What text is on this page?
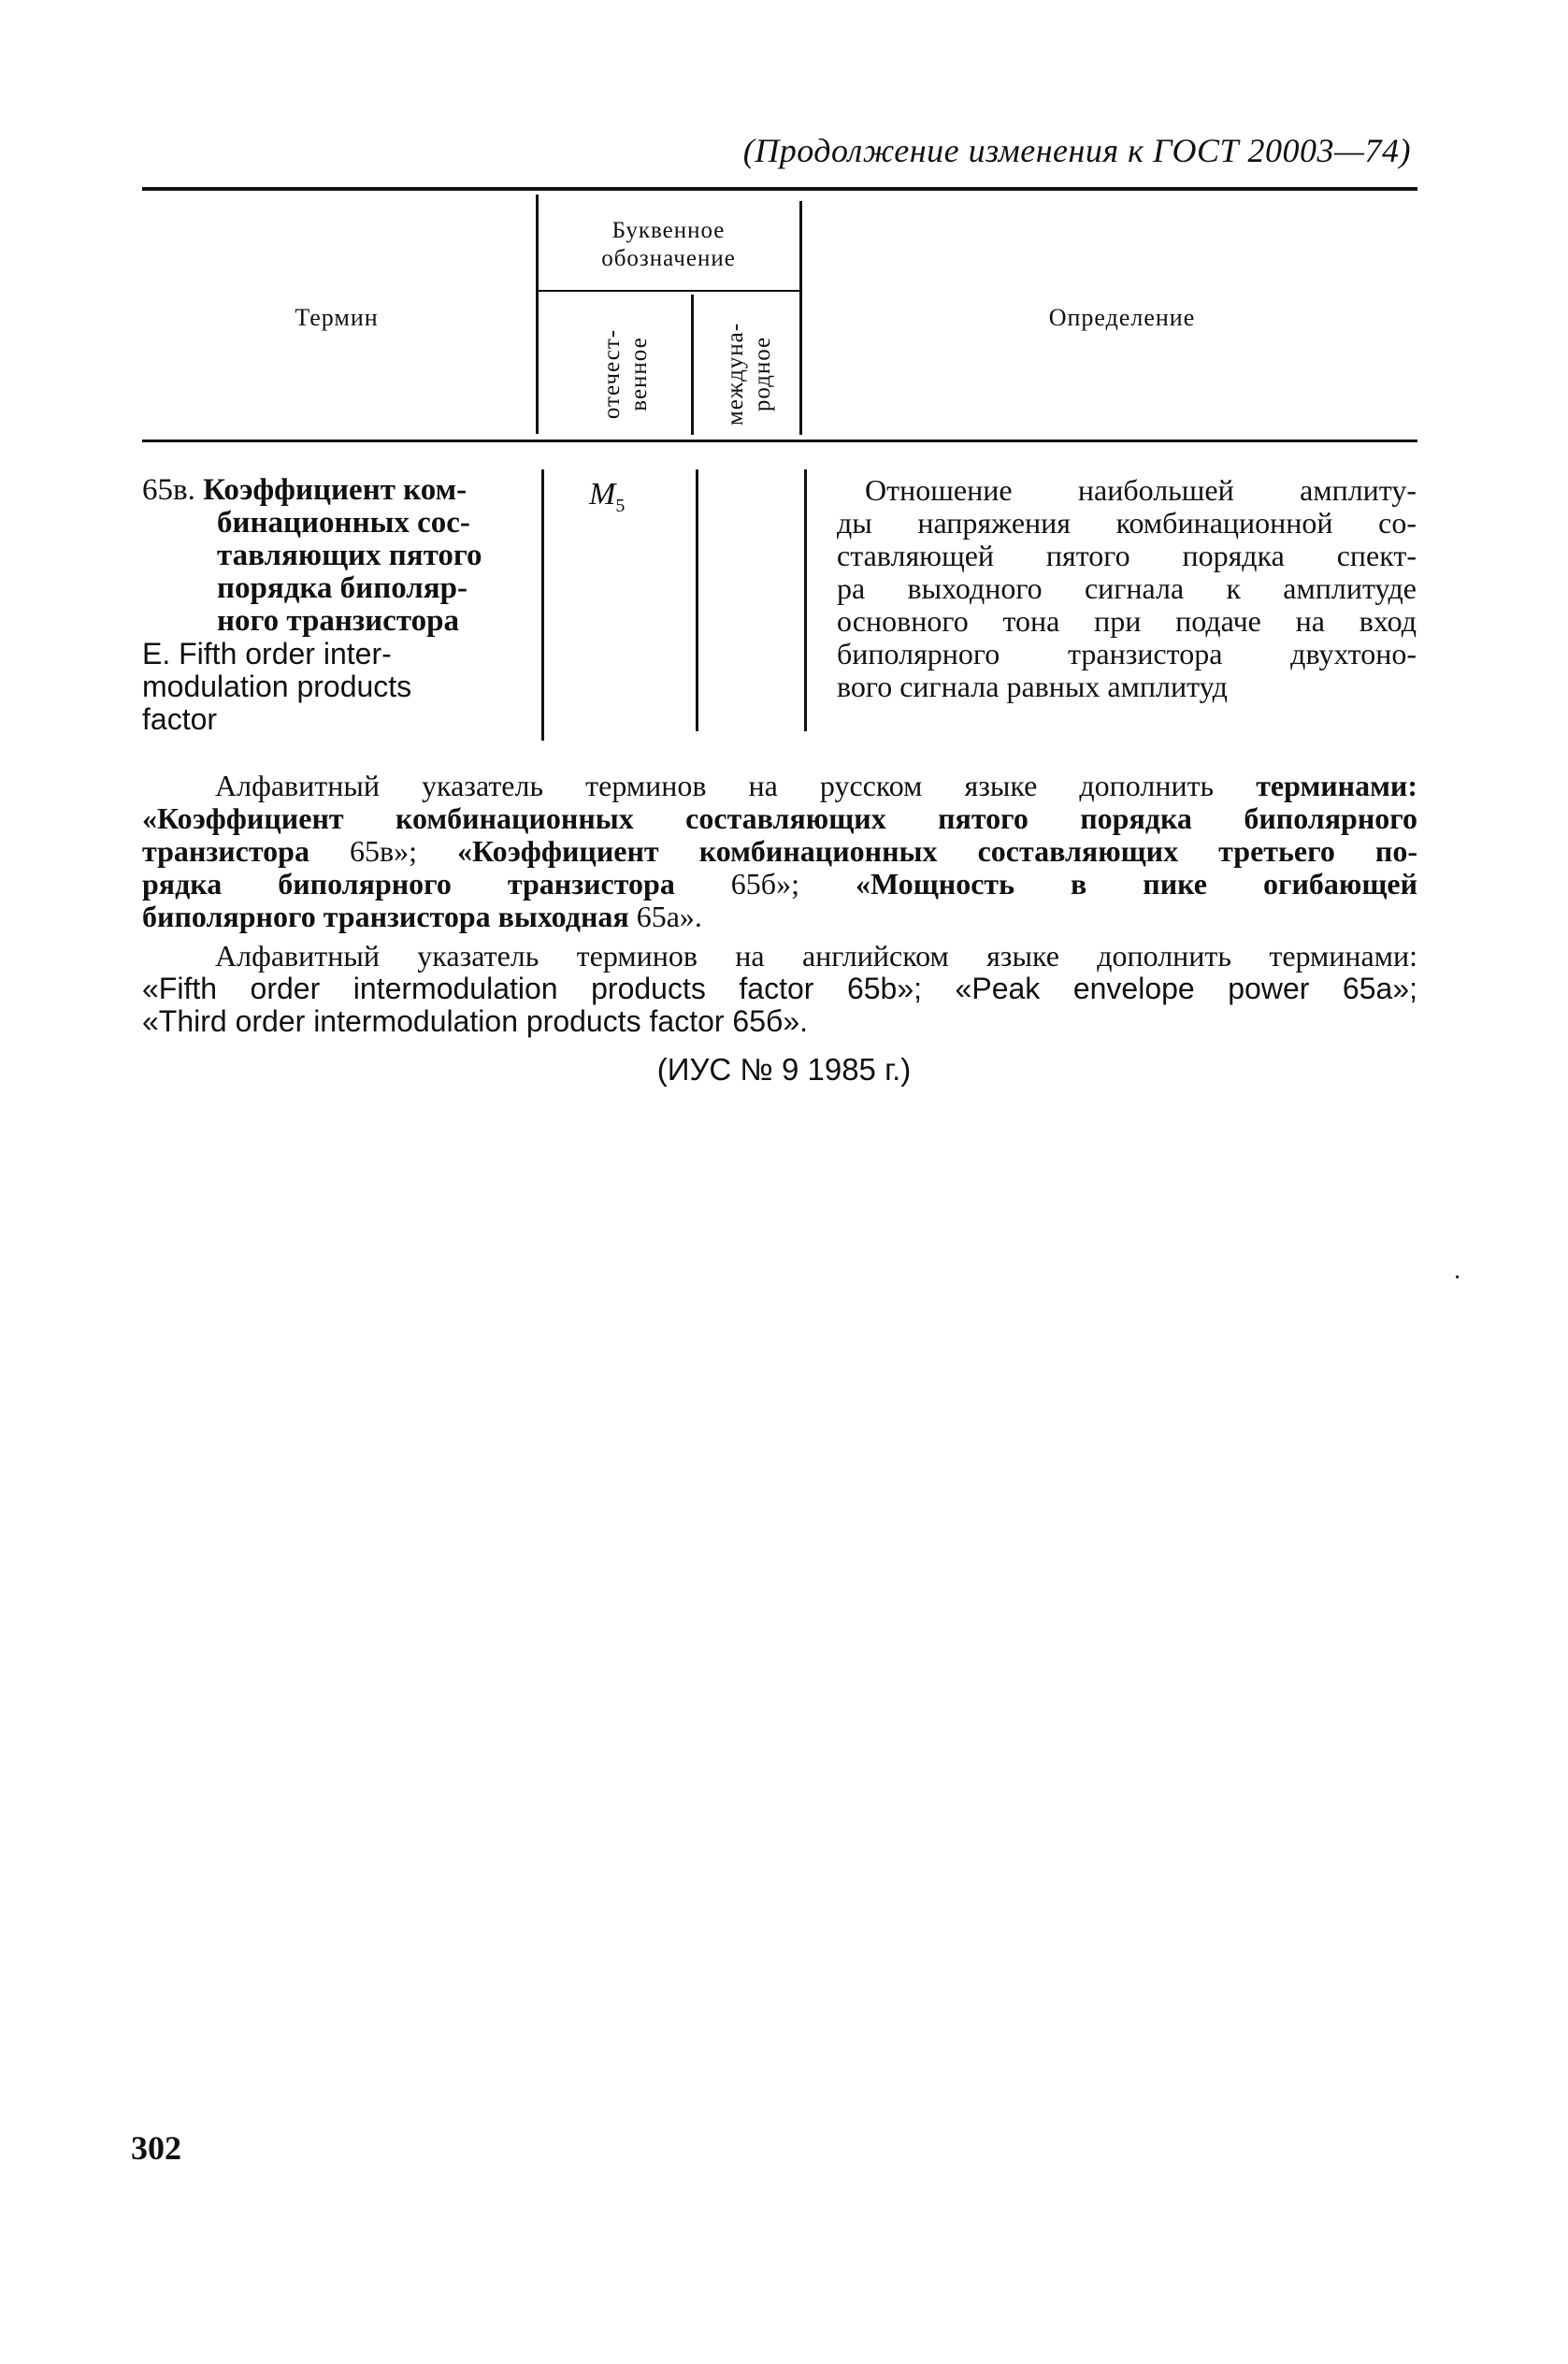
(Продолжение изменения к ГОСТ 20003—74)
Термин
Буквенное обозначение
отечест-
венное	междуна-
родное
Определение
65в. Коэффициент ком-
бинационных сос-
тавляющих пятого
порядка биполяр-
ного транзистора
Е. Fifth order inter-
modulation products
factor
$M_5$	Отношение наибольшей амплиту-
ды напряжения комбинационной со-
ставляющей пятого порядка спект-
ра выходного сигнала к амплитуде
основного тона при подаче на вход
биполярного транзистора двухтоно-
вого сигнала равных амплитуд
Алфавитный указатель терминов на русском языке дополнить терминами:
«Коэффициент комбинационных составляющих пятого порядка биполярного
транзистора 65в»; «Коэффициент комбинационных составляющих третьего по-
рядка биполярного транзистора 65б»; «Мощность в пике огибающей
биполярного транзистора выходная 65а».
Алфавитный указатель терминов на английском языке дополнить терминами:
«Fifth order intermodulation products factor 65b»; «Peak envelope power 65a»;
«Third order intermodulation products factor 65б».
(ИУС № 9 1985 г.)
302
